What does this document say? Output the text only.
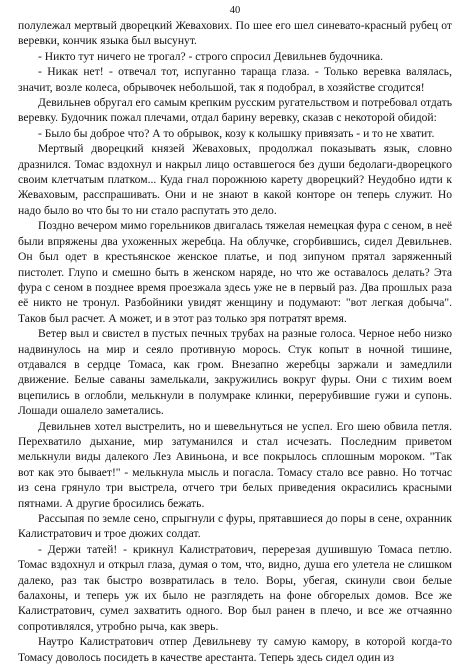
40

полулежал мертвый дворецкий Жевахових. По шее его шел синевато-красный рубец от веревки, кончик языка был высунут.

- Никто тут ничего не трогал? - строго спросил Девильнев будочника.

- Никак нет! - отвечал тот, испуганно тараща глаза. - Только веревка валялась, значит, возле колеса, обрывочек небольшой, так я подобрал, в хозяйстве сгодится!

Девильнев обругал его самым крепким русским ругательством и потребовал отдать веревку. Будочник пожал плечами, отдал барину веревку, сказав с некоторой обидой:

- Было бы доброе что? А то обрывок, козу к колышку привязать - и то не хватит.

Мертвый дворецкий князей Жеваховых, продолжал показывать язык, словно дразнился. Томас вздохнул и накрыл лицо оставшегося без души бедолаги-дворецкого своим клетчатым платком... Куда гнал порожнюю карету дворецкий? Неудобно идти к Жеваховым, расспрашивать. Они и не знают в какой конторе он теперь служит. Но надо было во что бы то ни стало распутать это дело.

Поздно вечером мимо горельников двигалась тяжелая немецкая фура с сеном, в неё были впряжены два ухоженных жеребца. На облучке, сгорбившись, сидел Девильнев. Он был одет в крестьянское женское платье, и под зипуном прятал заряженный пистолет. Глупо и смешно быть в женском наряде, но что же оставалось делать? Эта фура с сеном в позднее время проезжала здесь уже не в первый раз. Два прошлых раза её никто не тронул. Разбойники увидят женщину и подумают: "вот легкая добыча". Таков был расчет. А может, и в этот раз только зря потратят время.

Ветер выл и свистел в пустых печных трубах на разные голоса. Черное небо низко надвинулось на мир и сеяло противную морось. Стук копыт в ночной тишине, отдавался в сердце Томаса, как гром. Внезапно жеребцы заржали и замедлили движение. Белые саваны замелькали, закружились вокруг фуры. Они с тихим воем вцепились в оглобли, мелькнули в полумраке клинки, перерубившие гужи и супонь. Лошади ошалело заметались.

Девильнев хотел выстрелить, но и шевельнуться не успел. Его шею обвила петля. Перехватило дыхание, мир затуманился и стал исчезать. Последним приветом мелькнули виды далекого Лез Авиньона, и все покрылось сплошным мороком. "Так вот как это бывает!" - мелькнула мысль и погасла. Томасу стало все равно. Но тотчас из сена грянуло три выстрела, отчего три белых приведения окрасились красными пятнами. А другие бросились бежать.

Рассыпая по земле сено, спрыгнули с фуры, прятавшиеся до поры в сене, охранник Калистратович и трое дюжих солдат.

- Держи татей! - крикнул Калистратович, перерезая душившую Томаса петлю. Томас вздохнул и открыл глаза, думая о том, что, видно, душа его улетела не слишком далеко, раз так быстро возвратилась в тело. Воры, убегая, скинули свои белые балахоны, и теперь уж их было не разглядеть на фоне обгорелых домов. Все же Калистратович, сумел захватить одного. Вор был ранен в плечо, и все же отчаянно сопротивлялся, утробно рыча, как зверь.

Наутро Калистратович отпер Девильневу ту самую камору, в которой когда-то Томасу доволось посидеть в качестве арестанта. Теперь здесь сидел один из
